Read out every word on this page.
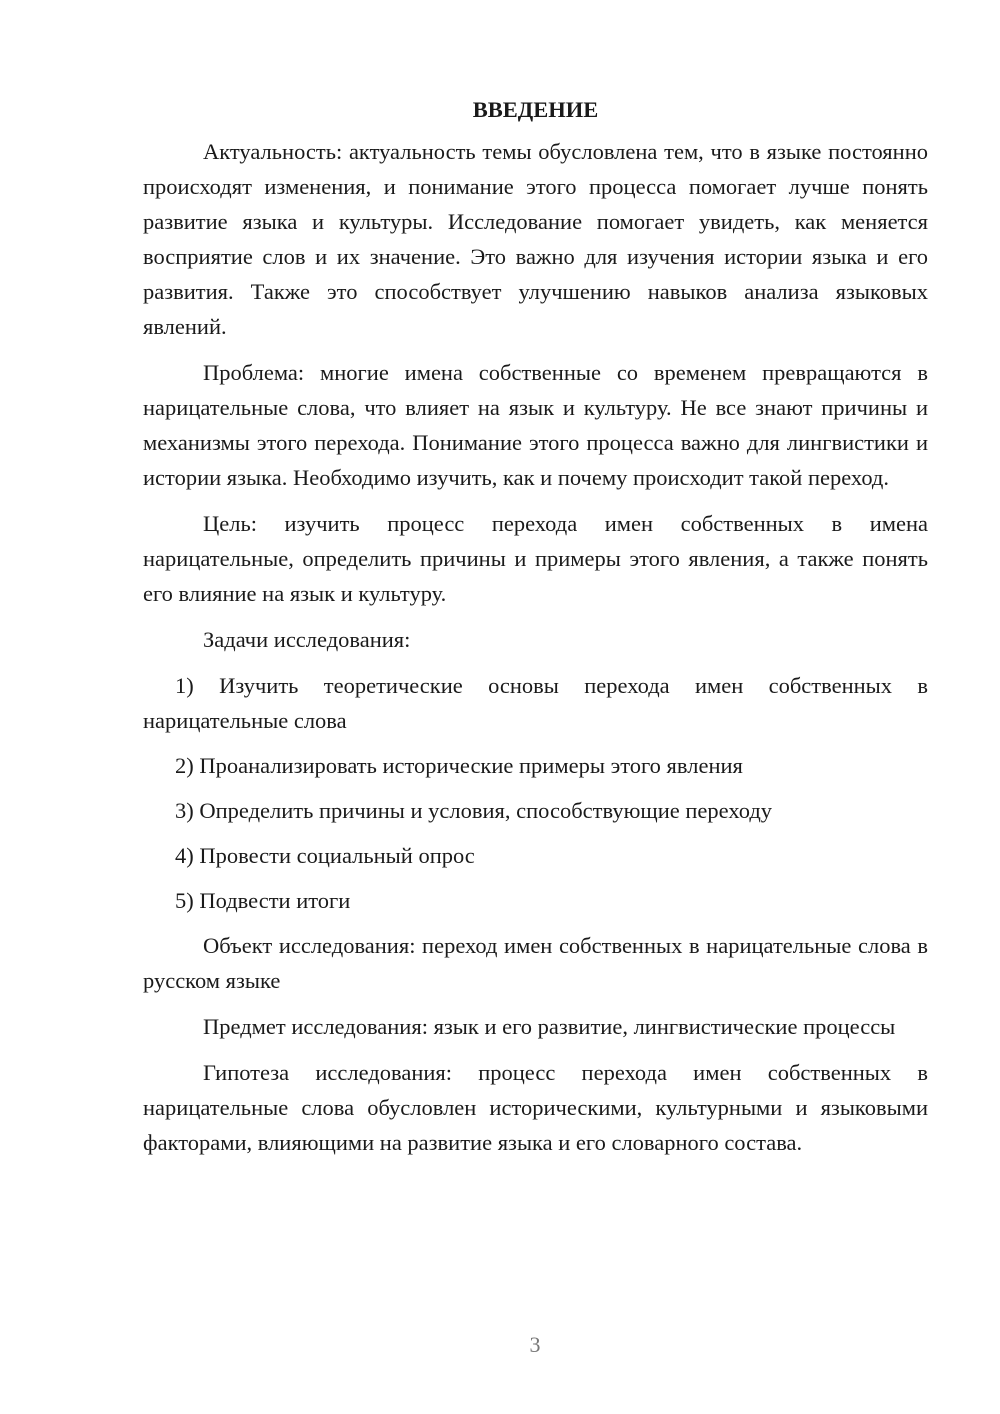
ВВЕДЕНИЕ

Актуальность: актуальность темы обусловлена тем, что в языке постоянно происходят изменения, и понимание этого процесса помогает лучше понять развитие языка и культуры. Исследование помогает увидеть, как меняется восприятие слов и их значение. Это важно для изучения истории языка и его развития. Также это способствует улучшению навыков анализа языковых явлений.

Проблема: многие имена собственные со временем превращаются в нарицательные слова, что влияет на язык и культуру. Не все знают причины и механизмы этого перехода. Понимание этого процесса важно для лингвистики и истории языка. Необходимо изучить, как и почему происходит такой переход.

Цель: изучить процесс перехода имен собственных в имена нарицательные, определить причины и примеры этого явления, а также понять его влияние на язык и культуру.

Задачи исследования:

1) Изучить теоретические основы перехода имен собственных в нарицательные слова

2) Проанализировать исторические примеры этого явления

3) Определить причины и условия, способствующие переходу

4) Провести социальный опрос

5) Подвести итоги

Объект исследования: переход имен собственных в нарицательные слова в русском языке

Предмет исследования: язык и его развитие, лингвистические процессы

Гипотеза исследования: процесс перехода имен собственных в нарицательные слова обусловлен историческими, культурными и языковыми факторами, влияющими на развитие языка и его словарного состава.

3
